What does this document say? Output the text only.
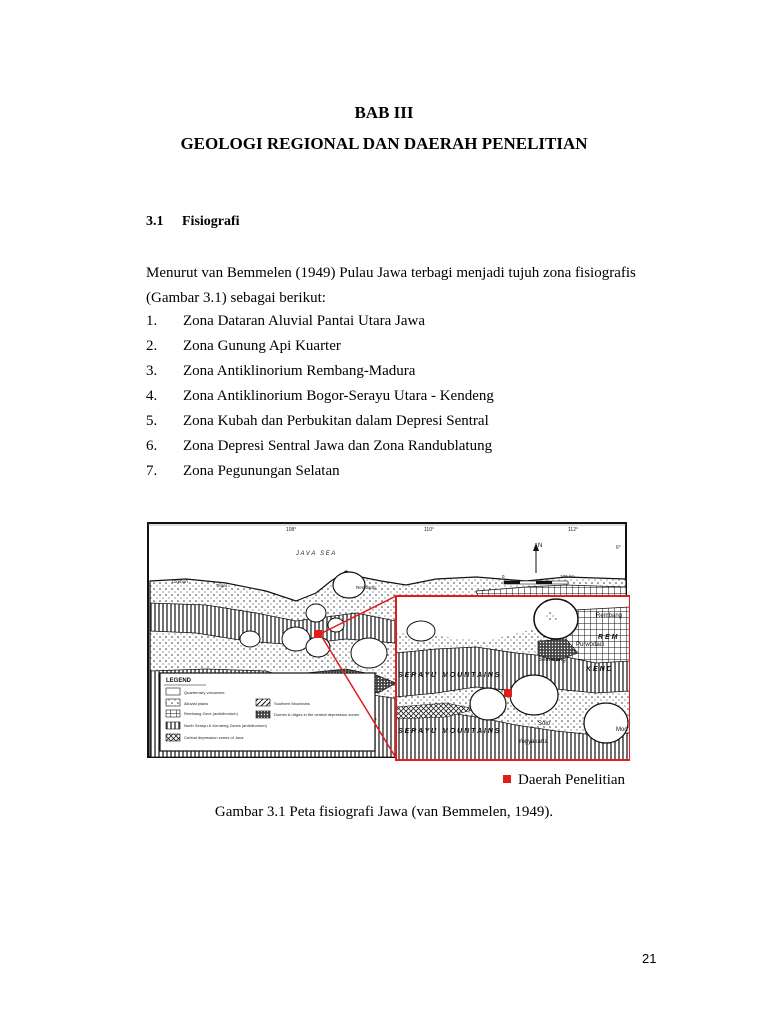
BAB III
GEOLOGI REGIONAL DAN DAERAH PENELITIAN
3.1 Fisiografi
Menurut van Bemmelen (1949) Pulau Jawa terbagi menjadi tujuh zona fisiografis (Gambar 3.1) sebagai berikut:
1. Zona Dataran Aluvial Pantai Utara Jawa
2. Zona Gunung Api Kuarter
3. Zona Antiklinorium Rembang-Madura
4. Zona Antiklinorium Bogor-Serayu Utara - Kendeng
5. Zona Kubah dan Perbukitan dalam Depresi Sentral
6. Zona Depresi Sentral Jawa dan Zona Randublatung
7. Zona Pegunungan Selatan
108°	110°	112°
6°
J A V A   S E A
N
0	100 km
Cirebon
Tegal	Rembang
LEGEND
Quarternary volcanoes
Alluvial plains
Rembang Zone (anticlinorium)
North Serayu & Kendeng Zones (anticlinorium)
Central depression zones of Java
Southern Mountains
Domes & ridges in the central depression zones
Rembang
Purwodadi
Semarang
Solo
Yogyakarta
S E R A Y U   M O U N T A I N S
S E R A Y U   M O U N T A I N S
K E N D
R E M
Mod
Daerah Penelitian
Gambar 3.1 Peta fisiografi Jawa (van Bemmelen, 1949).
21
